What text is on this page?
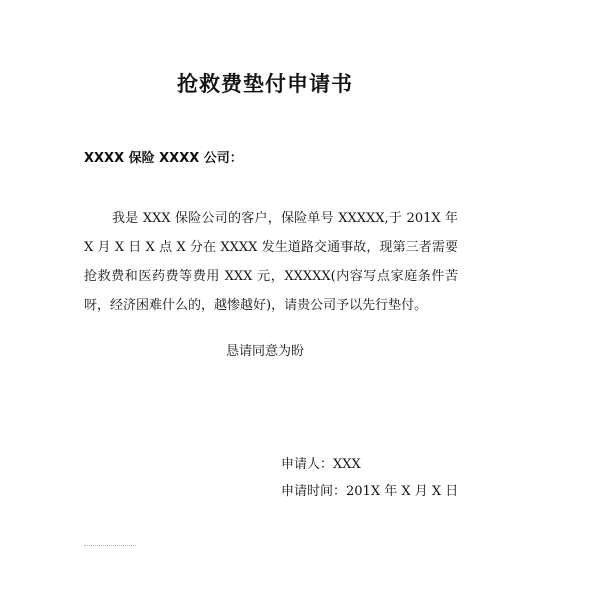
抢救费垫付申请书
XXXX 保险 XXXX 公司：
我是 XXX 保险公司的客户，保险单号 XXXXX,于 201X 年 X 月 X 日 X 点 X 分在 XXXX 发生道路交通事故，现第三者需要抢救费和医药费等费用 XXX 元，XXXXX(内容写点家庭条件苦呀，经济困难什么的，越惨越好)，请贵公司予以先行垫付。
恳请同意为盼
申请人：XXX
申请时间：201X 年 X 月 X 日
